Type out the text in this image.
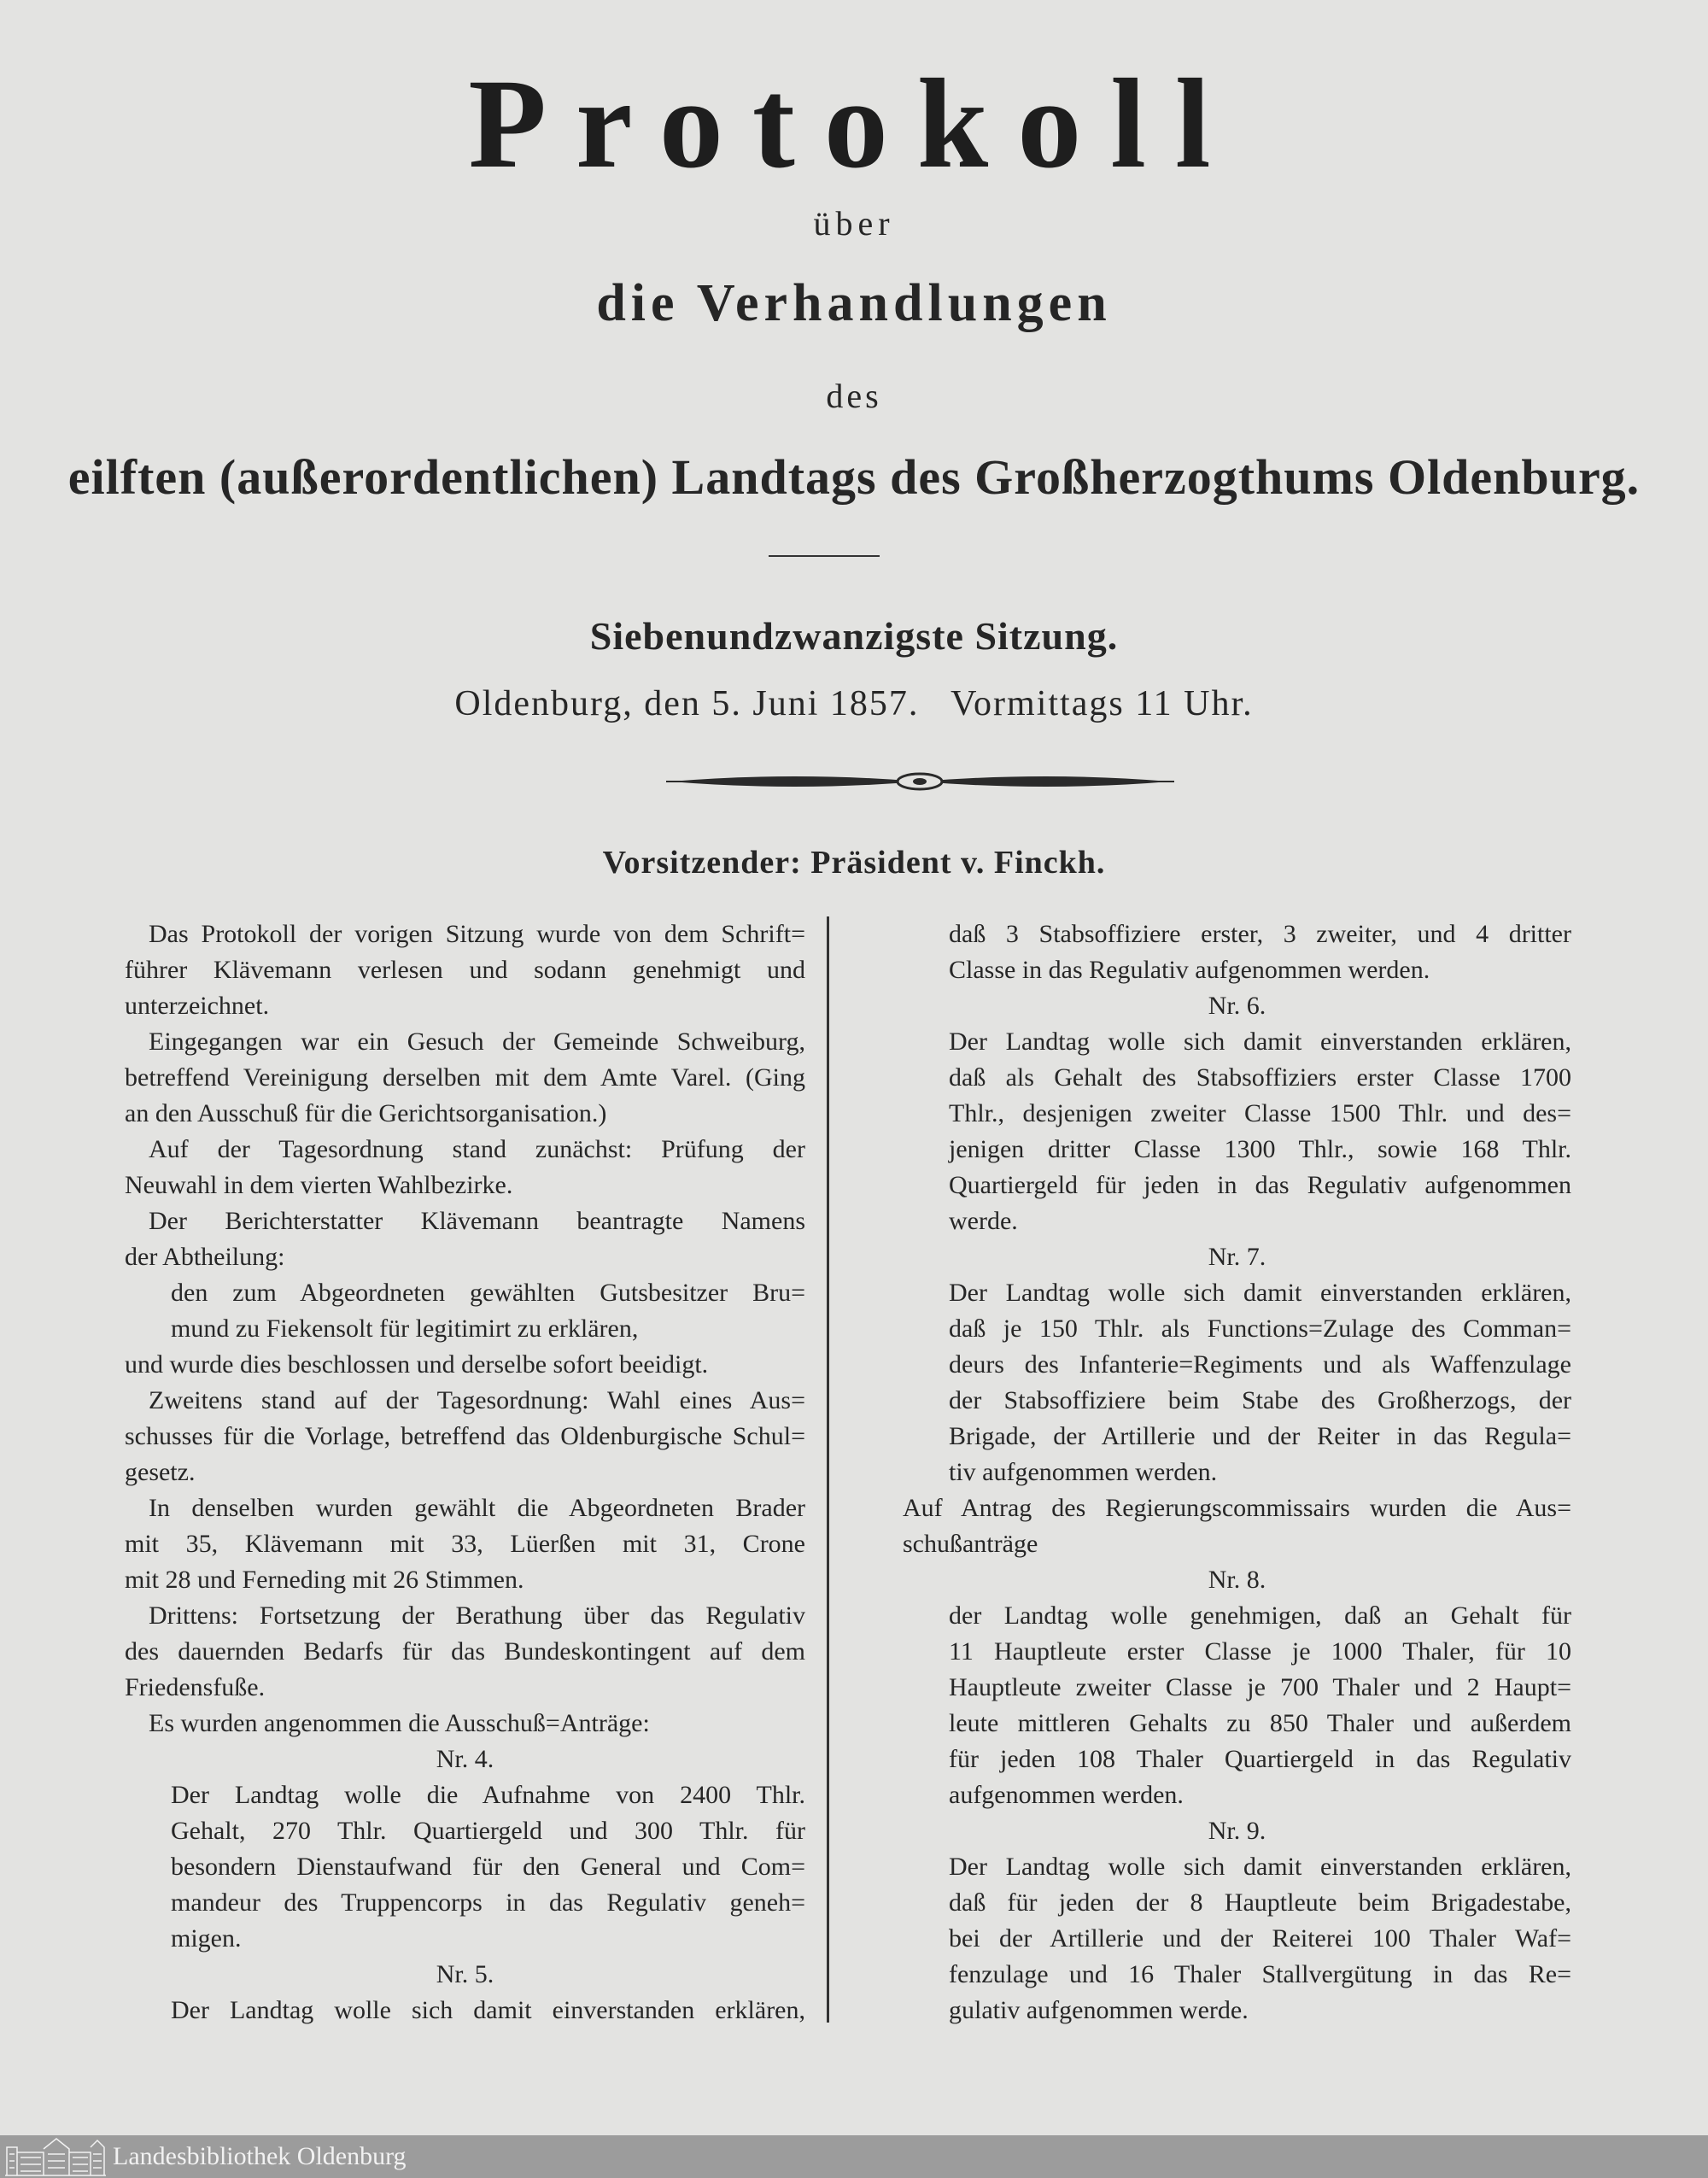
Protokoll
über
die Verhandlungen
des
eilften (außerordentlichen) Landtags des Großherzogthums Oldenburg.
Siebenundzwanzigste Sitzung.
Oldenburg, den 5. Juni 1857.   Vormittags 11 Uhr.
Vorsitzender: Präsident v. Finckh.
Das Protokoll der vorigen Sitzung wurde von dem Schrift=
führer Klävemann verlesen und sodann genehmigt und
unterzeichnet.
Eingegangen war ein Gesuch der Gemeinde Schweiburg,
betreffend Vereinigung derselben mit dem Amte Varel. (Ging
an den Ausschuß für die Gerichtsorganisation.)
Auf der Tagesordnung stand zunächst: Prüfung der
Neuwahl in dem vierten Wahlbezirke.
Der Berichterstatter Klävemann beantragte Namens
der Abtheilung:
den zum Abgeordneten gewählten Gutsbesitzer Bru=
mund zu Fiekensolt für legitimirt zu erklären,
und wurde dies beschlossen und derselbe sofort beeidigt.
Zweitens stand auf der Tagesordnung: Wahl eines Aus=
schusses für die Vorlage, betreffend das Oldenburgische Schul=
gesetz.
In denselben wurden gewählt die Abgeordneten Brader
mit 35, Klävemann mit 33, Lüerßen mit 31, Crone
mit 28 und Ferneding mit 26 Stimmen.
Drittens: Fortsetzung der Berathung über das Regulativ
des dauernden Bedarfs für das Bundeskontingent auf dem
Friedensfuße.
Es wurden angenommen die Ausschuß=Anträge:
Nr. 4.
Der Landtag wolle die Aufnahme von 2400 Thlr.
Gehalt, 270 Thlr. Quartiergeld und 300 Thlr. für
besondern Dienstaufwand für den General und Com=
mandeur des Truppencorps in das Regulativ geneh=
migen.
Nr. 5.
Der Landtag wolle sich damit einverstanden erklären,
daß 3 Stabsoffiziere erster, 3 zweiter, und 4 dritter
Classe in das Regulativ aufgenommen werden.
Nr. 6.
Der Landtag wolle sich damit einverstanden erklären,
daß als Gehalt des Stabsoffiziers erster Classe 1700
Thlr., desjenigen zweiter Classe 1500 Thlr. und des=
jenigen dritter Classe 1300 Thlr., sowie 168 Thlr.
Quartiergeld für jeden in das Regulativ aufgenommen
werde.
Nr. 7.
Der Landtag wolle sich damit einverstanden erklären,
daß je 150 Thlr. als Functions=Zulage des Comman=
deurs des Infanterie=Regiments und als Waffenzulage
der Stabsoffiziere beim Stabe des Großherzogs, der
Brigade, der Artillerie und der Reiter in das Regula=
tiv aufgenommen werden.
Auf Antrag des Regierungscommissairs wurden die Aus=
schußanträge
Nr. 8.
der Landtag wolle genehmigen, daß an Gehalt für
11 Hauptleute erster Classe je 1000 Thaler, für 10
Hauptleute zweiter Classe je 700 Thaler und 2 Haupt=
leute mittleren Gehalts zu 850 Thaler und außerdem
für jeden 108 Thaler Quartiergeld in das Regulativ
aufgenommen werden.
Nr. 9.
Der Landtag wolle sich damit einverstanden erklären,
daß für jeden der 8 Hauptleute beim Brigadestabe,
bei der Artillerie und der Reiterei 100 Thaler Waf=
fenzulage und 16 Thaler Stallvergütung in das Re=
gulativ aufgenommen werde.
Landesbibliothek Oldenburg
